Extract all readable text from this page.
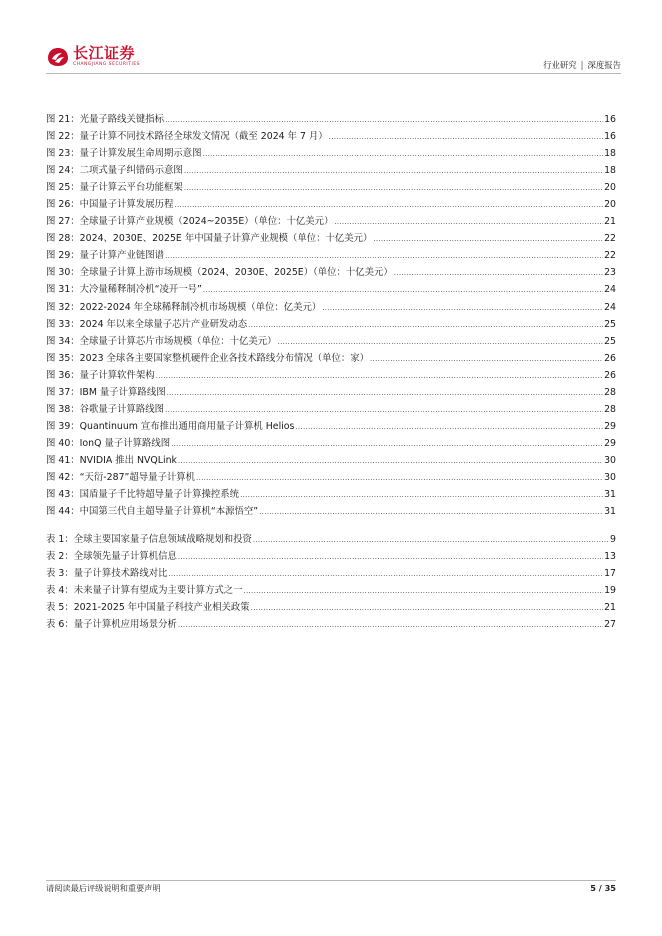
长江证券
CHANGJIANG SECURITIES	行业研究 | 深度报告
图 21：光量子路线关键指标 .....	16
图 22：量子计算不同技术路径全球发文情况（截至 2024 年 7 月） .....	16
图 23：量子计算发展生命周期示意图 .....	18
图 24：二项式量子纠错码示意图 .....	18
图 25：量子计算云平台功能框架 .....	20
图 26：中国量子计算发展历程 .....	20
图 27：全球量子计算产业规模（2024~2035E）（单位：十亿美元） .....	21
图 28：2024、2030E、2025E 年中国量子计算产业规模（单位：十亿美元） .....	22
图 29：量子计算产业链图谱 .....	22
图 30：全球量子计算上游市场规模（2024、2030E、2025E）（单位：十亿美元） .....	23
图 31：大冷量稀释制冷机“凌开一号” .....	24
图 32：2022-2024 年全球稀释制冷机市场规模（单位：亿美元） .....	24
图 33：2024 年以来全球量子芯片产业研发动态 .....	25
图 34：全球量子计算芯片市场规模（单位：十亿美元） .....	25
图 35：2023 全球各主要国家整机硬件企业各技术路线分布情况（单位：家） .....	26
图 36：量子计算软件架构 .....	26
图 37：IBM 量子计算路线图 .....	28
图 38：谷歌量子计算路线图 .....	28
图 39：Quantinuum 宣布推出通用商用量子计算机 Helios .....	29
图 40：IonQ 量子计算路线图 .....	29
图 41：NVIDIA 推出 NVQLink .....	30
图 42：“天衍-287”超导量子计算机 .....	30
图 43：国盾量子千比特超导量子计算操控系统 .....	31
图 44：中国第三代自主超导量子计算机“本源悟空” .....	31
表 1：全球主要国家量子信息领域战略规划和投资 .....	9
表 2：全球领先量子计算机信息 .....	13
表 3：量子计算技术路线对比 .....	17
表 4：未来量子计算有望成为主要计算方式之一 .....	19
表 5：2021-2025 年中国量子科技产业相关政策 .....	21
表 6：量子计算机应用场景分析 .....	27
请阅读最后评级说明和重要声明	5 / 35
